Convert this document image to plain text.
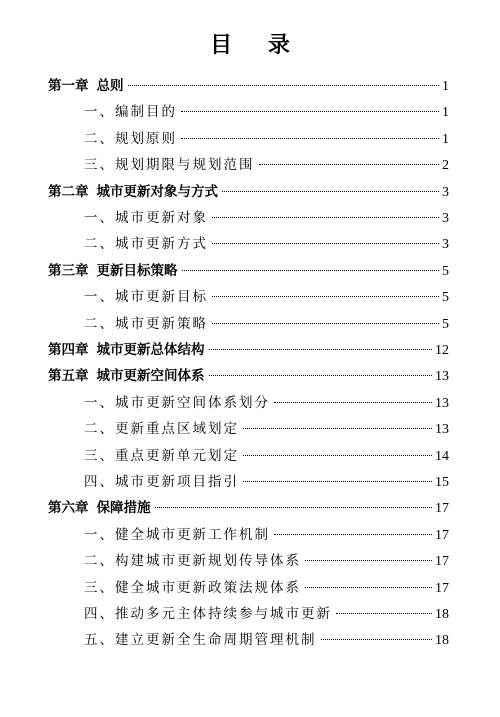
目 录
第一章 总则	1
一、编制目的	1
二、规划原则	1
三、规划期限与规划范围	2
第二章 城市更新对象与方式	3
一、城市更新对象	3
二、城市更新方式	3
第三章 更新目标策略	5
一、城市更新目标	5
二、城市更新策略	5
第四章 城市更新总体结构	12
第五章 城市更新空间体系	13
一、城市更新空间体系划分	13
二、更新重点区域划定	13
三、重点更新单元划定	14
四、城市更新项目指引	15
第六章 保障措施	17
一、健全城市更新工作机制	17
二、构建城市更新规划传导体系	17
三、健全城市更新政策法规体系	17
四、推动多元主体持续参与城市更新	18
五、建立更新全生命周期管理机制	18
